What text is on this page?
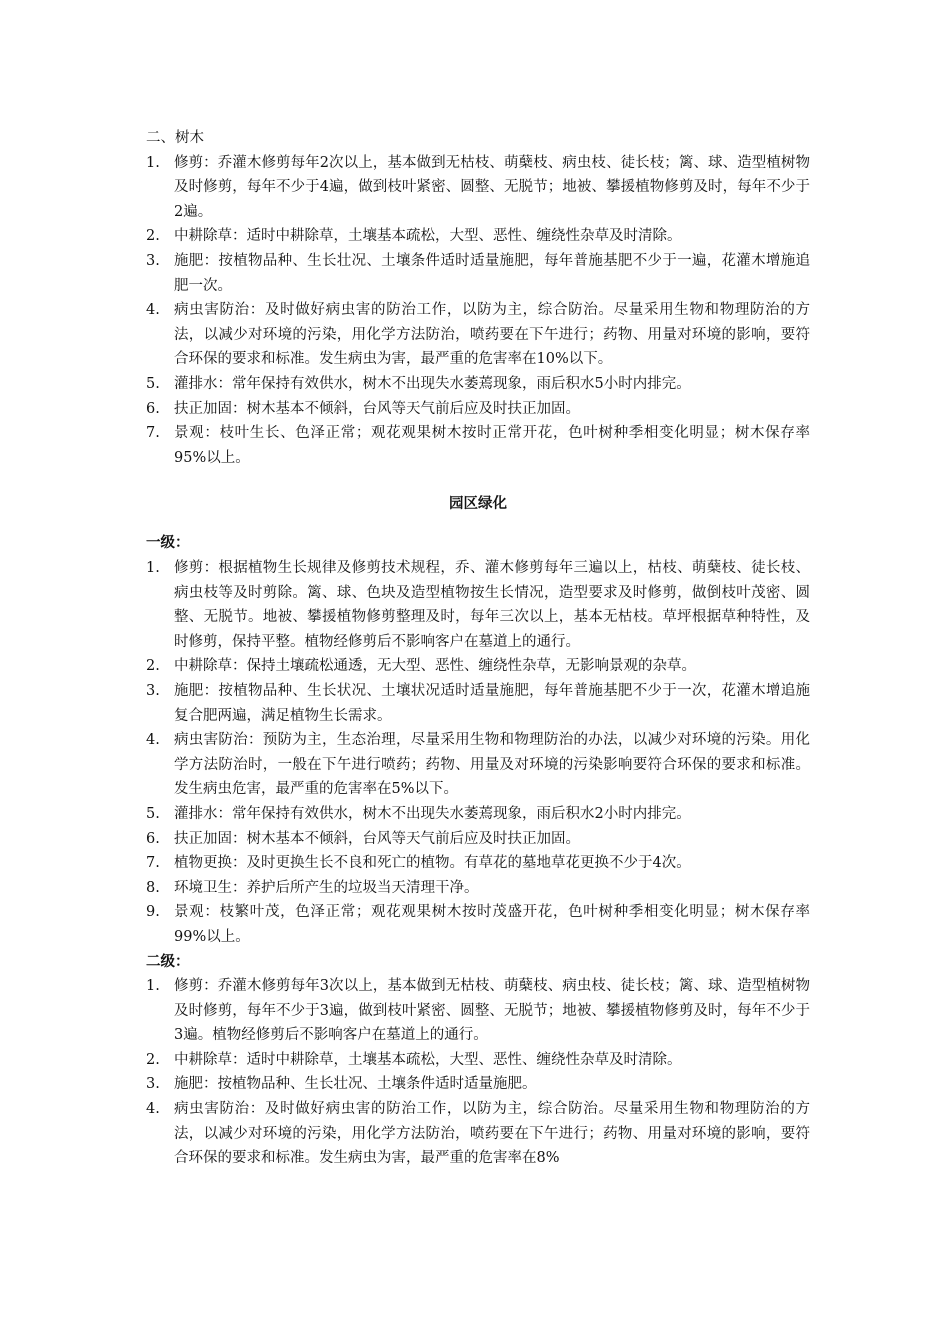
二、树木

1. 修剪：乔灌木修剪每年2次以上，基本做到无枯枝、萌蘖枝、病虫枝、徒长枝；篱、球、造型植树物及时修剪，每年不少于4遍，做到枝叶紧密、圆整、无脱节；地被、攀援植物修剪及时，每年不少于2遍。
2. 中耕除草：适时中耕除草，土壤基本疏松，大型、恶性、缠绕性杂草及时清除。
3. 施肥：按植物品种、生长壮况、土壤条件适时适量施肥，每年普施基肥不少于一遍，花灌木增施追肥一次。
4. 病虫害防治：及时做好病虫害的防治工作，以防为主，综合防治。尽量采用生物和物理防治的方法，以减少对环境的污染，用化学方法防治，喷药要在下午进行；药物、用量对环境的影响，要符合环保的要求和标准。发生病虫为害，最严重的危害率在10%以下。
5. 灌排水：常年保持有效供水，树木不出现失水萎蔫现象，雨后积水5小时内排完。
6. 扶正加固：树木基本不倾斜，台风等天气前后应及时扶正加固。
7. 景观：枝叶生长、色泽正常；观花观果树木按时正常开花，色叶树种季相变化明显；树木保存率95%以上。

园区绿化

一级：

1. 修剪：根据植物生长规律及修剪技术规程，乔、灌木修剪每年三遍以上，枯枝、萌蘖枝、徒长枝、病虫枝等及时剪除。篱、球、色块及造型植物按生长情况，造型要求及时修剪，做倒枝叶茂密、圆整、无脱节。地被、攀援植物修剪整理及时，每年三次以上，基本无枯枝。草坪根据草种特性，及时修剪，保持平整。植物经修剪后不影响客户在墓道上的通行。
2. 中耕除草：保持土壤疏松通透，无大型、恶性、缠绕性杂草，无影响景观的杂草。
3. 施肥：按植物品种、生长状况、土壤状况适时适量施肥，每年普施基肥不少于一次，花灌木增追施复合肥两遍，满足植物生长需求。
4. 病虫害防治：预防为主，生态治理，尽量采用生物和物理防治的办法，以减少对环境的污染。用化学方法防治时，一般在下午进行喷药；药物、用量及对环境的污染影响要符合环保的要求和标准。发生病虫危害，最严重的危害率在5%以下。
5. 灌排水：常年保持有效供水，树木不出现失水萎蔫现象，雨后积水2小时内排完。
6. 扶正加固：树木基本不倾斜，台风等天气前后应及时扶正加固。
7. 植物更换：及时更换生长不良和死亡的植物。有草花的墓地草花更换不少于4次。
8. 环境卫生：养护后所产生的垃圾当天清理干净。
9. 景观：枝繁叶茂，色泽正常；观花观果树木按时茂盛开花，色叶树种季相变化明显；树木保存率99%以上。

二级：

1. 修剪：乔灌木修剪每年3次以上，基本做到无枯枝、萌蘖枝、病虫枝、徒长枝；篱、球、造型植树物及时修剪，每年不少于3遍，做到枝叶紧密、圆整、无脱节；地被、攀援植物修剪及时，每年不少于3遍。植物经修剪后不影响客户在墓道上的通行。
2. 中耕除草：适时中耕除草，土壤基本疏松，大型、恶性、缠绕性杂草及时清除。
3. 施肥：按植物品种、生长壮况、土壤条件适时适量施肥。
4. 病虫害防治：及时做好病虫害的防治工作，以防为主，综合防治。尽量采用生物和物理防治的方法，以减少对环境的污染，用化学方法防治，喷药要在下午进行；药物、用量对环境的影响，要符合环保的要求和标准。发生病虫为害，最严重的危害率在8%
